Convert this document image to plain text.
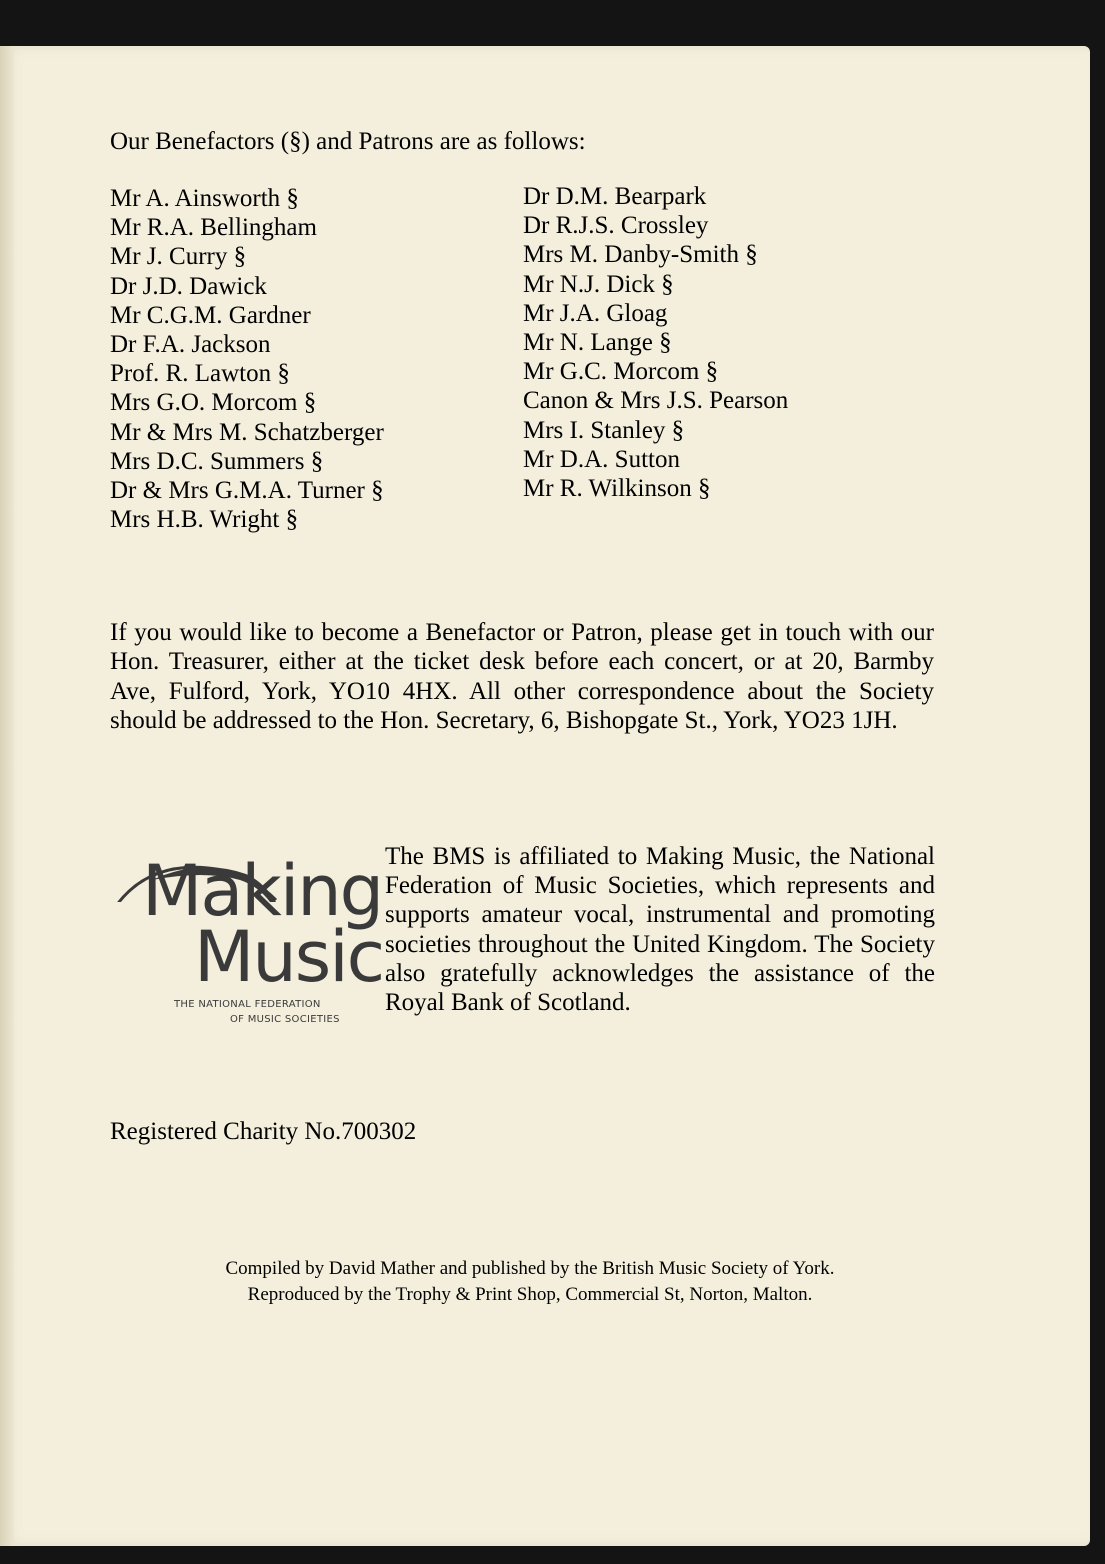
Our Benefactors (§) and Patrons are as follows:

Mr A. Ainsworth §
Mr R.A. Bellingham
Mr J. Curry §
Dr J.D. Dawick
Mr C.G.M. Gardner
Dr F.A. Jackson
Prof. R. Lawton §
Mrs G.O. Morcom §
Mr & Mrs M. Schatzberger
Mrs D.C. Summers §
Dr & Mrs G.M.A. Turner §
Mrs H.B. Wright §
Dr D.M. Bearpark
Dr R.J.S. Crossley
Mrs M. Danby-Smith §
Mr N.J. Dick §
Mr J.A. Gloag
Mr N. Lange §
Mr G.C. Morcom §
Canon & Mrs J.S. Pearson
Mrs I. Stanley §
Mr D.A. Sutton
Mr R. Wilkinson §

If you would like to become a Benefactor or Patron, please get in touch with our Hon. Treasurer, either at the ticket desk before each concert, or at 20, Barmby Ave, Fulford, York, YO10 4HX. All other correspondence about the Society should be addressed to the Hon. Secretary, 6, Bishopgate St., York, YO23 1JH.

Making
Music
THE NATIONAL FEDERATION
OF MUSIC SOCIETIES

The BMS is affiliated to Making Music, the National Federation of Music Societies, which represents and supports amateur vocal, instrumental and promoting societies throughout the United Kingdom. The Society also gratefully acknowledges the assistance of the Royal Bank of Scotland.

Registered Charity No.700302

Compiled by David Mather and published by the British Music Society of York.
Reproduced by the Trophy & Print Shop, Commercial St, Norton, Malton.
